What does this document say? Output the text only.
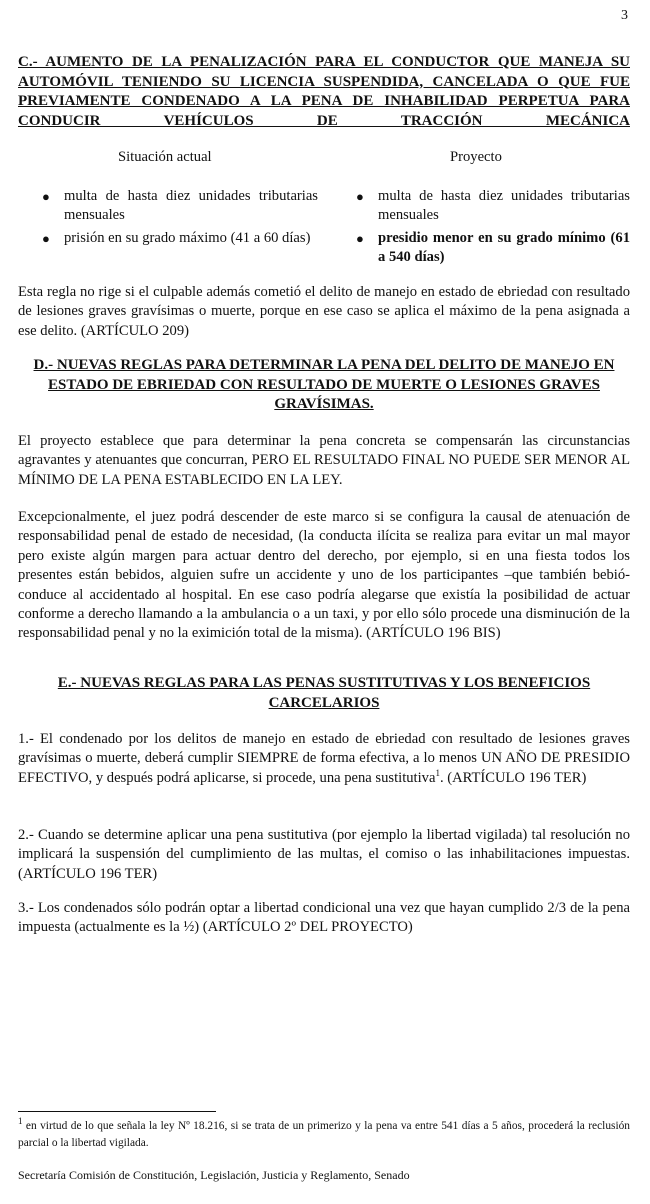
3
C.- AUMENTO DE LA PENALIZACIÓN PARA EL CONDUCTOR QUE MANEJA SU AUTOMÓVIL TENIENDO SU LICENCIA SUSPENDIDA, CANCELADA O QUE FUE PREVIAMENTE CONDENADO A LA PENA DE INHABILIDAD PERPETUA PARA CONDUCIR VEHÍCULOS DE TRACCIÓN MECÁNICA
Situación actual	Proyecto
● multa de hasta diez unidades tributarias mensuales
● prisión en su grado máximo (41 a 60 días)
● multa de hasta diez unidades tributarias mensuales
● presidio menor en su grado mínimo (61 a 540 días)

Esta regla no rige si el culpable además cometió el delito de manejo en estado de ebriedad con resultado de lesiones graves gravísimas o muerte, porque en ese caso se aplica el máximo de la pena asignada a ese delito. (ARTÍCULO 209)

D.- NUEVAS REGLAS PARA DETERMINAR LA PENA DEL DELITO DE MANEJO EN ESTADO DE EBRIEDAD CON RESULTADO DE MUERTE O LESIONES GRAVES GRAVÍSIMAS.

El proyecto establece que para determinar la pena concreta se compensarán las circunstancias agravantes y atenuantes que concurran, PERO EL RESULTADO FINAL NO PUEDE SER MENOR AL MÍNIMO DE LA PENA ESTABLECIDO EN LA LEY.

Excepcionalmente, el juez podrá descender de este marco si se configura la causal de atenuación de responsabilidad penal de estado de necesidad, (la conducta ilícita se realiza para evitar un mal mayor pero existe algún margen para actuar dentro del derecho, por ejemplo, si en una fiesta todos los presentes están bebidos, alguien sufre un accidente y uno de los participantes –que también bebió- conduce al accidentado al hospital. En ese caso podría alegarse que existía la posibilidad de actuar conforme a derecho llamando a la ambulancia o a un taxi, y por ello sólo procede una disminución de la responsabilidad penal y no la eximición total de la misma). (ARTÍCULO 196 BIS)

E.- NUEVAS REGLAS PARA LAS PENAS SUSTITUTIVAS Y LOS BENEFICIOS CARCELARIOS

1.- El condenado por los delitos de manejo en estado de ebriedad con resultado de lesiones graves gravísimas o muerte, deberá cumplir SIEMPRE de forma efectiva, a lo menos UN AÑO DE PRESIDIO EFECTIVO, y después podrá aplicarse, si procede, una pena sustitutiva$^1$. (ARTÍCULO 196 TER)

2.- Cuando se determine aplicar una pena sustitutiva (por ejemplo la libertad vigilada) tal resolución no implicará la suspensión del cumplimiento de las multas, el comiso o las inhabilitaciones impuestas. (ARTÍCULO 196 TER)

3.- Los condenados sólo podrán optar a libertad condicional una vez que hayan cumplido 2/3 de la pena impuesta (actualmente es la ½) (ARTÍCULO 2º DEL PROYECTO)

$^1$ en virtud de lo que señala la ley Nº 18.216, si se trata de un primerizo y la pena va entre 541 días a 5 años, procederá la reclusión parcial o la libertad vigilada.
Secretaría Comisión de Constitución, Legislación, Justicia y Reglamento, Senado
